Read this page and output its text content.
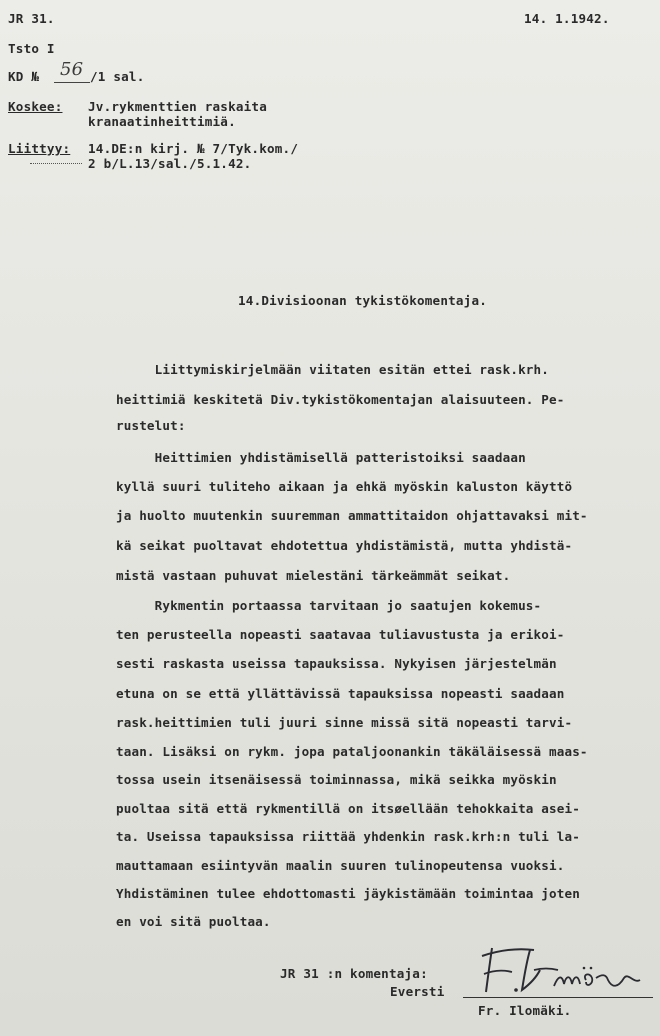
JR 31.	14. 1.1942.
Tsto I
KD № 56 /1 sal.
Koskee: Jv.rykmenttien raskaita
kranaatinheittimiä.
Liittyy: 14.DE:n kirj. № 7/Tyk.kom./
2 b/L.13/sal./5.1.42.
14.Divisioonan tykistökomentaja.
Liittymiskirjelmään viitaten esitän ettei rask.krh.
heittimiä keskitetä Div.tykistökomentajan alaisuuteen. Pe-
rustelut:
Heittimien yhdistämisellä patteristoiksi saadaan
kyllä suuri tuliteho aikaan ja ehkä myöskin kaluston käyttö
ja huolto muutenkin suuremman ammattitaidon ohjattavaksi mit-
kä seikat puoltavat ehdotettua yhdistämistä, mutta yhdistä-
mistä vastaan puhuvat mielestäni tärkeämmät seikat.
Rykmentin portaassa tarvitaan jo saatujen kokemus-
ten perusteella nopeasti saatavaa tuliavustusta ja erikoi-
sesti raskasta useissa tapauksissa. Nykyisen järjestelmän
etuna on se että yllättävissä tapauksissa nopeasti saadaan
rask.heittimien tuli juuri sinne missä sitä nopeasti tarvi-
taan. Lisäksi on rykm. jopa pataljoonankin täkäläisessä maas-
tossa usein itsenäisessä toiminnassa, mikä seikka myöskin
puoltaa sitä että rykmentillä on itsøellään tehokkaita asei-
ta. Useissa tapauksissa riittää yhdenkin rask.krh:n tuli la-
mauttamaan esiintyvän maalin suuren tulinopeutensa vuoksi.
Yhdistäminen tulee ehdottomasti jäykistämään toimintaa joten
en voi sitä puoltaa.
JR 31 :n komentaja:
Eversti
Fr. Ilomäki.
